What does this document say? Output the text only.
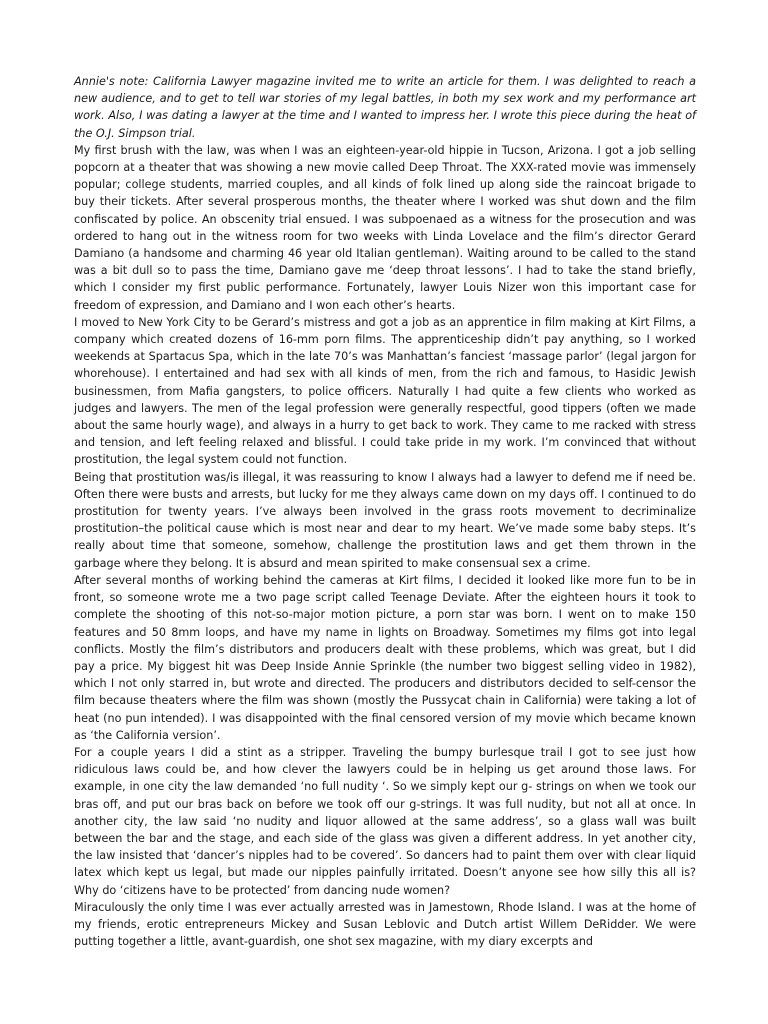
Annie's note: California Lawyer magazine invited me to write an article for them. I was delighted to reach a new audience, and to get to tell war stories of my legal battles, in both my sex work and my performance art work. Also, I was dating a lawyer at the time and I wanted to impress her. I wrote this piece during the heat of the O.J. Simpson trial.

My first brush with the law, was when I was an eighteen-year-old hippie in Tucson, Arizona. I got a job selling popcorn at a theater that was showing a new movie called Deep Throat. The XXX-rated movie was immensely popular; college students, married couples, and all kinds of folk lined up along side the raincoat brigade to buy their tickets. After several prosperous months, the theater where I worked was shut down and the film confiscated by police. An obscenity trial ensued. I was subpoenaed as a witness for the prosecution and was ordered to hang out in the witness room for two weeks with Linda Lovelace and the film’s director Gerard Damiano (a handsome and charming 46 year old Italian gentleman). Waiting around to be called to the stand was a bit dull so to pass the time, Damiano gave me ‘deep throat lessons’. I had to take the stand briefly, which I consider my first public performance. Fortunately, lawyer Louis Nizer won this important case for freedom of expression, and Damiano and I won each other’s hearts.

I moved to New York City to be Gerard’s mistress and got a job as an apprentice in film making at Kirt Films, a company which created dozens of 16-mm porn films. The apprenticeship didn’t pay anything, so I worked weekends at Spartacus Spa, which in the late 70’s was Manhattan’s fanciest ‘massage parlor’ (legal jargon for whorehouse). I entertained and had sex with all kinds of men, from the rich and famous, to Hasidic Jewish businessmen, from Mafia gangsters, to police officers. Naturally I had quite a few clients who worked as judges and lawyers. The men of the legal profession were generally respectful, good tippers (often we made about the same hourly wage), and always in a hurry to get back to work. They came to me racked with stress and tension, and left feeling relaxed and blissful. I could take pride in my work. I’m convinced that without prostitution, the legal system could not function.

Being that prostitution was/is illegal, it was reassuring to know I always had a lawyer to defend me if need be. Often there were busts and arrests, but lucky for me they always came down on my days off. I continued to do prostitution for twenty years. I’ve always been involved in the grass roots movement to decriminalize prostitution–the political cause which is most near and dear to my heart. We’ve made some baby steps. It’s really about time that someone, somehow, challenge the prostitution laws and get them thrown in the garbage where they belong. It is absurd and mean spirited to make consensual sex a crime.

After several months of working behind the cameras at Kirt films, I decided it looked like more fun to be in front, so someone wrote me a two page script called Teenage Deviate. After the eighteen hours it took to complete the shooting of this not-so-major motion picture, a porn star was born. I went on to make 150 features and 50 8mm loops, and have my name in lights on Broadway. Sometimes my films got into legal conflicts. Mostly the film’s distributors and producers dealt with these problems, which was great, but I did pay a price. My biggest hit was Deep Inside Annie Sprinkle (the number two biggest selling video in 1982), which I not only starred in, but wrote and directed. The producers and distributors decided to self-censor the film because theaters where the film was shown (mostly the Pussycat chain in California) were taking a lot of heat (no pun intended). I was disappointed with the final censored version of my movie which became known as ‘the California version’.

For a couple years I did a stint as a stripper. Traveling the bumpy burlesque trail I got to see just how ridiculous laws could be, and how clever the lawyers could be in helping us get around those laws. For example, in one city the law demanded ‘no full nudity ‘. So we simply kept our g- strings on when we took our bras off, and put our bras back on before we took off our g-strings. It was full nudity, but not all at once. In another city, the law said ‘no nudity and liquor allowed at the same address’, so a glass wall was built between the bar and the stage, and each side of the glass was given a different address. In yet another city, the law insisted that ‘dancer’s nipples had to be covered’. So dancers had to paint them over with clear liquid latex which kept us legal, but made our nipples painfully irritated. Doesn’t anyone see how silly this all is? Why do ‘citizens have to be protected’ from dancing nude women?

Miraculously the only time I was ever actually arrested was in Jamestown, Rhode Island. I was at the home of my friends, erotic entrepreneurs Mickey and Susan Leblovic and Dutch artist Willem DeRidder. We were putting together a little, avant-guardish, one shot sex magazine, with my diary excerpts and
